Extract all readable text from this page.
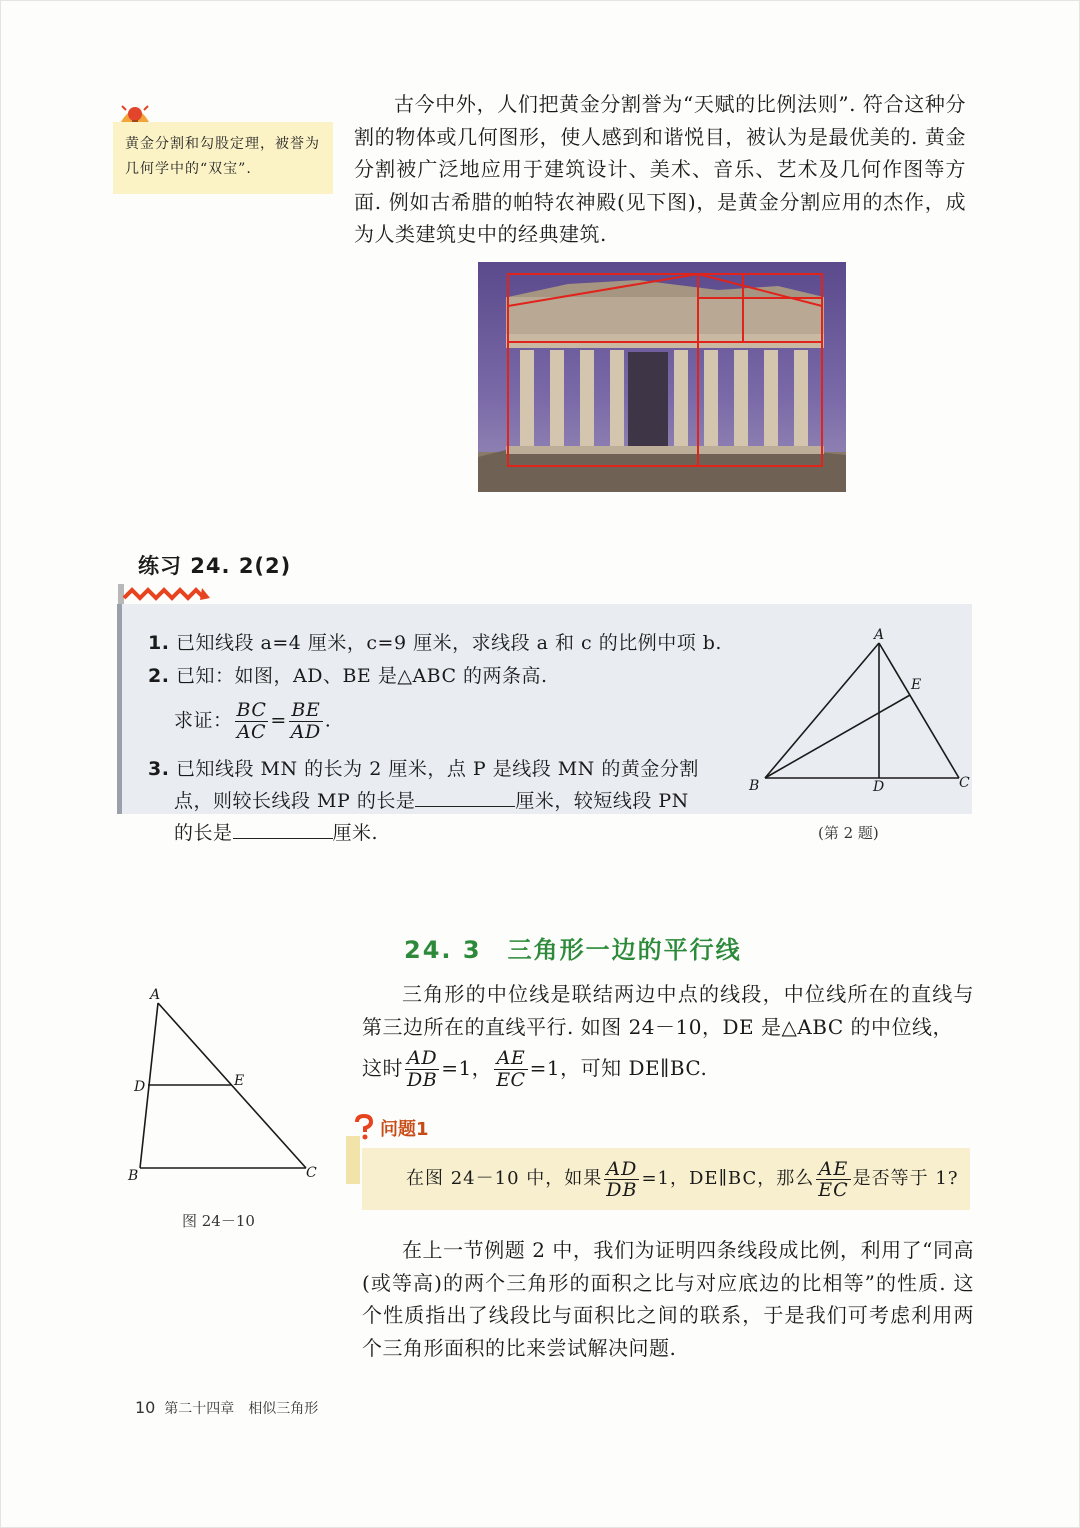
黄金分割和勾股定理，被誉为几何学中的“双宝”.

古今中外，人们把黄金分割誉为“天赋的比例法则”. 符合这种分割的物体或几何图形，使人感到和谐悦目，被认为是最优美的. 黄金分割被广泛地应用于建筑设计、美术、音乐、艺术及几何作图等方面. 例如古希腊的帕特农神殿(见下图)，是黄金分割应用的杰作，成为人类建筑史中的经典建筑.

练习 24. 2(2)
1. 已知线段 a=4 厘米，c=9 厘米，求线段 a 和 c 的比例中项 b.
2. 已知：如图，AD、BE 是△ABC 的两条高.
求证： $\frac{BC}{AC} = \frac{BE}{AD}$ .
3. 已知线段 MN 的长为 2 厘米，点 P 是线段 MN 的黄金分割
点，则较长线段 MP 的长是	厘米，较短线段 PN
的长是	厘米.
A
B	C
D
E
(第 2 题)
24. 3　三角形一边的平行线

三角形的中位线是联结两边中点的线段，中位线所在的直线与第三边所在的直线平行. 如图 24－10，DE 是△ABC 的中位线，

这时 $\frac{AD}{DB} =1$， $\frac{AE}{EC} =1$，可知 DE∥BC.
A
B	C
D	E
图 24－10
问题1
在图 24－10 中，如果 $\frac{AD}{DB} =1$，DE∥BC，那么 $\frac{AE}{EC}$ 是否等于 1?

在上一节例题 2 中，我们为证明四条线段成比例，利用了“同高(或等高)的两个三角形的面积之比与对应底边的比相等”的性质. 这个性质指出了线段比与面积比之间的联系，于是我们可考虑利用两个三角形面积的比来尝试解决问题.

10 第二十四章　相似三角形
